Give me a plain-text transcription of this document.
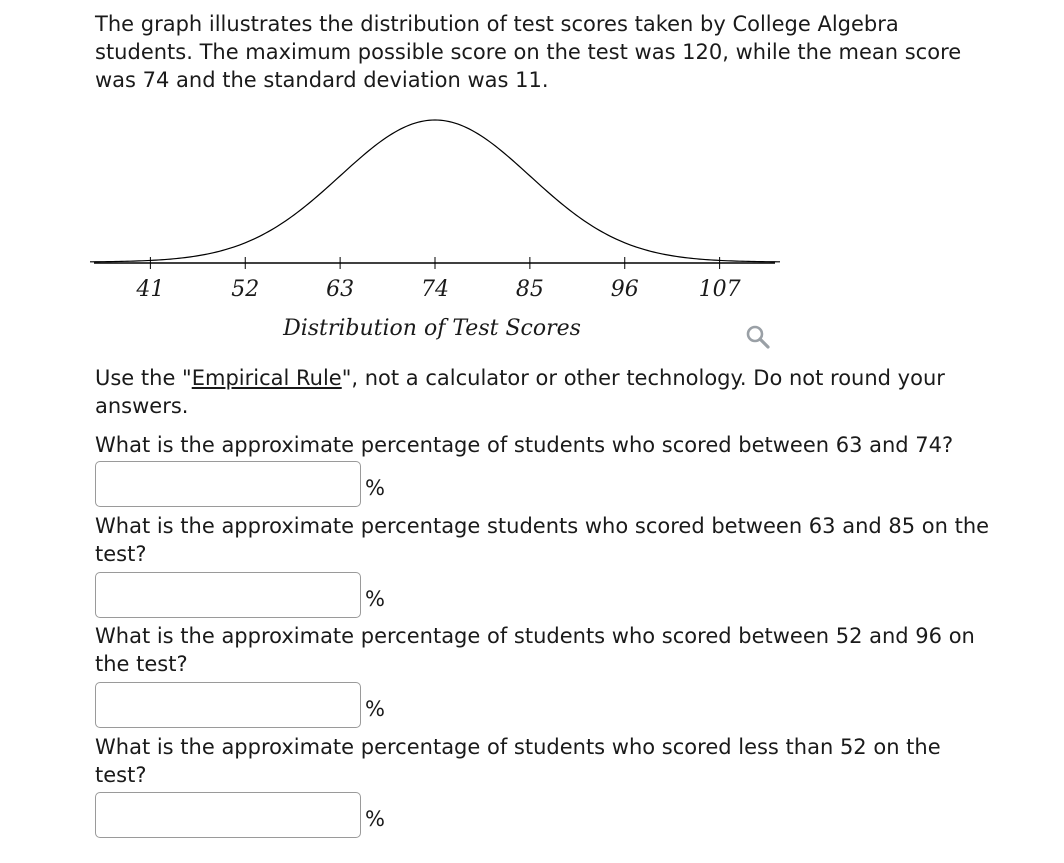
The graph illustrates the distribution of test scores taken by College Algebra students. The maximum possible score on the test was 120, while the mean score was 74 and the standard deviation was 11.

41	52	63	74	85	96	107
Distribution of Test Scores

Use the "Empirical Rule", not a calculator or other technology. Do not round your answers.

What is the approximate percentage of students who scored between 63 and 74?

%

What is the approximate percentage students who scored between 63 and 85 on the test?

%

What is the approximate percentage of students who scored between 52 and 96 on the test?

%

What is the approximate percentage of students who scored less than 52 on the test?

%
